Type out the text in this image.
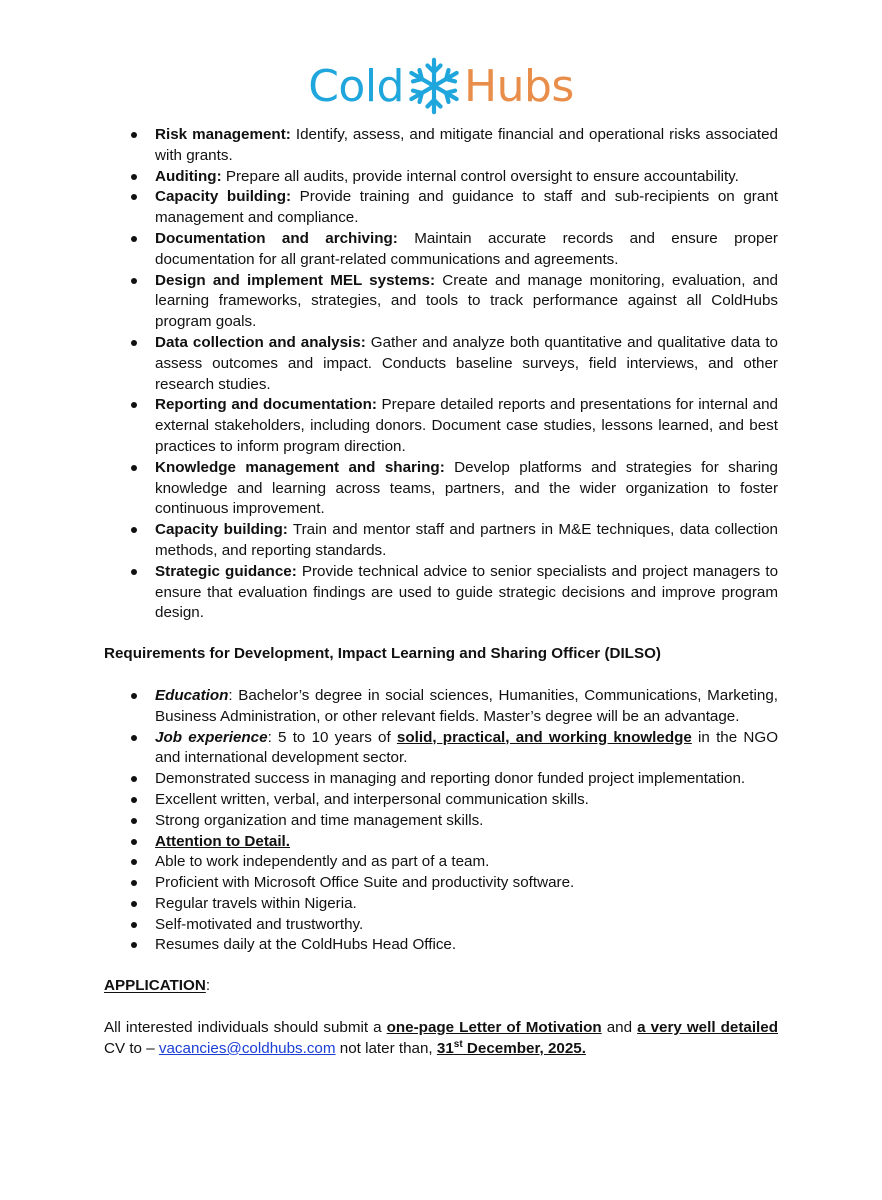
Cold Hubs
Risk management: Identify, assess, and mitigate financial and operational risks associated with grants.
Auditing: Prepare all audits, provide internal control oversight to ensure accountability.
Capacity building: Provide training and guidance to staff and sub-recipients on grant management and compliance.
Documentation and archiving: Maintain accurate records and ensure proper documentation for all grant-related communications and agreements.
Design and implement MEL systems: Create and manage monitoring, evaluation, and learning frameworks, strategies, and tools to track performance against all ColdHubs program goals.
Data collection and analysis: Gather and analyze both quantitative and qualitative data to assess outcomes and impact. Conducts baseline surveys, field interviews, and other research studies.
Reporting and documentation: Prepare detailed reports and presentations for internal and external stakeholders, including donors. Document case studies, lessons learned, and best practices to inform program direction.
Knowledge management and sharing: Develop platforms and strategies for sharing knowledge and learning across teams, partners, and the wider organization to foster continuous improvement.
Capacity building: Train and mentor staff and partners in M&E techniques, data collection methods, and reporting standards.
Strategic guidance: Provide technical advice to senior specialists and project managers to ensure that evaluation findings are used to guide strategic decisions and improve program design.
Requirements for Development, Impact Learning and Sharing Officer (DILSO)
Education: Bachelor’s degree in social sciences, Humanities, Communications, Marketing, Business Administration, or other relevant fields. Master’s degree will be an advantage.
Job experience: 5 to 10 years of solid, practical, and working knowledge in the NGO and international development sector.
Demonstrated success in managing and reporting donor funded project implementation.
Excellent written, verbal, and interpersonal communication skills.
Strong organization and time management skills.
Attention to Detail.
Able to work independently and as part of a team.
Proficient with Microsoft Office Suite and productivity software.
Regular travels within Nigeria.
Self-motivated and trustworthy.
Resumes daily at the ColdHubs Head Office.
APPLICATION:
All interested individuals should submit a one-page Letter of Motivation and a very well detailed CV to – vacancies@coldhubs.com not later than, 31st December, 2025.
